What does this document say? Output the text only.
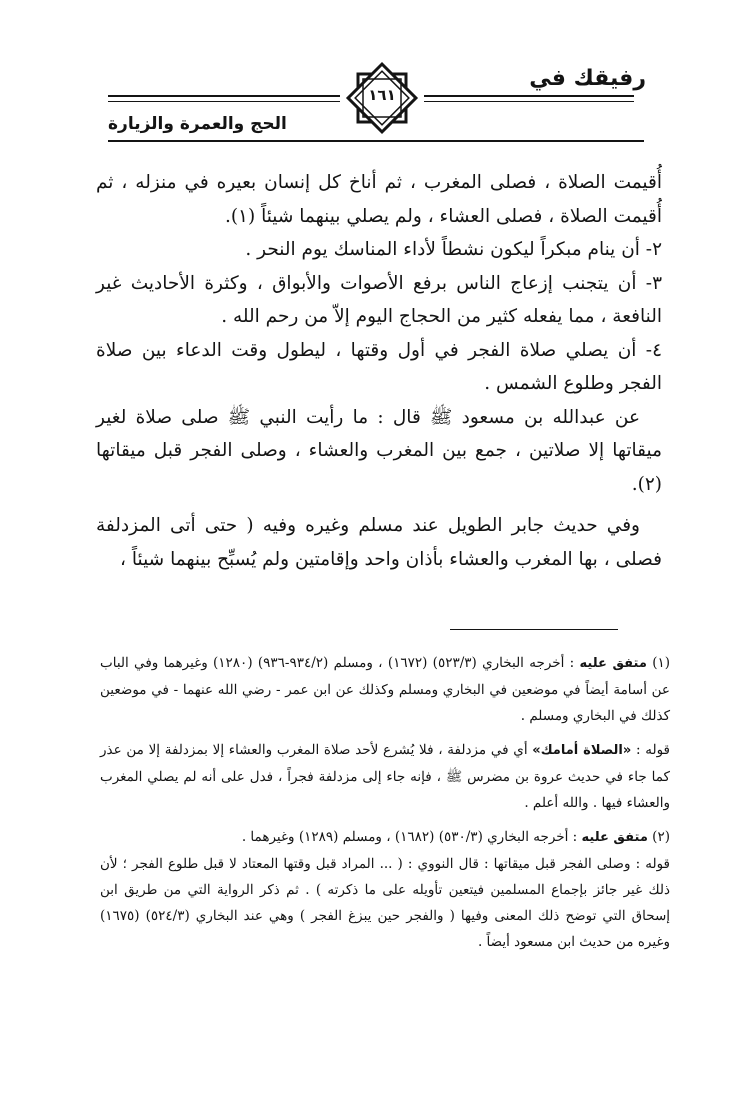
رفيقك في
١٦١
الحج والعمرة والزيارة

أُقيمت الصلاة ، فصلى المغرب ، ثم أناخ كل إنسان بعيره في منزله ، ثم أُقيمت الصلاة ، فصلى العشاء ، ولم يصلي بينهما شيئاً (١).

٢- أن ينام مبكراً ليكون نشطاً لأداء المناسك يوم النحر .

٣- أن يتجنب إزعاج الناس برفع الأصوات والأبواق ، وكثرة الأحاديث غير النافعة ، مما يفعله كثير من الحجاج اليوم إلاّ من رحم الله .

٤- أن يصلي صلاة الفجر في أول وقتها ، ليطول وقت الدعاء بين صلاة الفجر وطلوع الشمس .

عن عبدالله بن مسعود ﷺ قال : ما رأيت النبي ﷺ صلى صلاة لغير ميقاتها إلا صلاتين ، جمع بين المغرب والعشاء ، وصلى الفجر قبل ميقاتها (٢).

وفي حديث جابر الطويل عند مسلم وغيره وفيه ( حتى أتى المزدلفة فصلى ، بها المغرب والعشاء بأذان واحد وإقامتين ولم يُسبِّح بينهما شيئاً ،

(١) متفق عليه : أخرجه البخاري (٥٢٣/٣) (١٦٧٢) ، ومسلم (٩٣٤/٢-٩٣٦) (١٢٨٠) وغيرهما وفي الباب عن أسامة أيضاً في موضعين في البخاري ومسلم وكذلك عن ابن عمر - رضي الله عنهما - في موضعين كذلك في البخاري ومسلم .

قوله : «الصلاة أمامك» أي في مزدلفة ، فلا يُشرع لأحد صلاة المغرب والعشاء إلا بمزدلفة إلا من عذر كما جاء في حديث عروة بن مضرس ﷺ ، فإنه جاء إلى مزدلفة فجراً ، فدل على أنه لم يصلي المغرب والعشاء فيها . والله أعلم .

(٢) متفق عليه : أخرجه البخاري (٥٣٠/٣) (١٦٨٢) ، ومسلم (١٢٨٩) وغيرهما .

قوله : وصلى الفجر قبل ميقاتها : قال النووي : ( ... المراد قبل وقتها المعتاد لا قبل طلوع الفجر ؛ لأن ذلك غير جائز بإجماع المسلمين فيتعين تأويله على ما ذكرته ) . ثم ذكر الرواية التي من طريق ابن إسحاق التي توضح ذلك المعنى وفيها ( والفجر حين يبزغ الفجر ) وهي عند البخاري (٥٢٤/٣) (١٦٧٥) وغيره من حديث ابن مسعود أيضاً .
